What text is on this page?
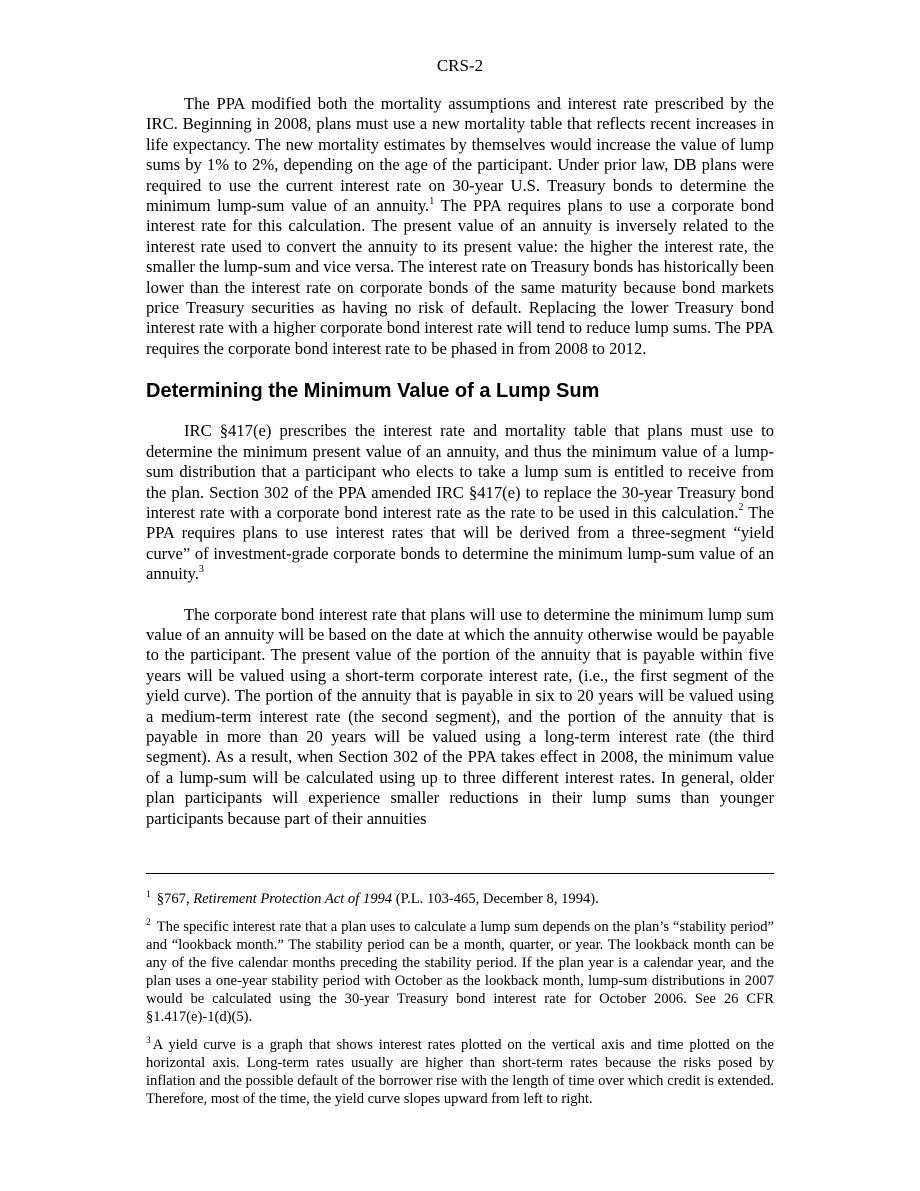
CRS-2

The PPA modified both the mortality assumptions and interest rate prescribed by the IRC. Beginning in 2008, plans must use a new mortality table that reflects recent increases in life expectancy. The new mortality estimates by themselves would increase the value of lump sums by 1% to 2%, depending on the age of the participant. Under prior law, DB plans were required to use the current interest rate on 30-year U.S. Treasury bonds to determine the minimum lump-sum value of an annuity.$^1$ The PPA requires plans to use a corporate bond interest rate for this calculation. The present value of an annuity is inversely related to the interest rate used to convert the annuity to its present value: the higher the interest rate, the smaller the lump-sum and vice versa. The interest rate on Treasury bonds has historically been lower than the interest rate on corporate bonds of the same maturity because bond markets price Treasury securities as having no risk of default. Replacing the lower Treasury bond interest rate with a higher corporate bond interest rate will tend to reduce lump sums. The PPA requires the corporate bond interest rate to be phased in from 2008 to 2012.

Determining the Minimum Value of a Lump Sum

IRC §417(e) prescribes the interest rate and mortality table that plans must use to determine the minimum present value of an annuity, and thus the minimum value of a lump-sum distribution that a participant who elects to take a lump sum is entitled to receive from the plan. Section 302 of the PPA amended IRC §417(e) to replace the 30-year Treasury bond interest rate with a corporate bond interest rate as the rate to be used in this calculation.$^2$ The PPA requires plans to use interest rates that will be derived from a three-segment “yield curve” of investment-grade corporate bonds to determine the minimum lump-sum value of an annuity.$^3$

The corporate bond interest rate that plans will use to determine the minimum lump sum value of an annuity will be based on the date at which the annuity otherwise would be payable to the participant. The present value of the portion of the annuity that is payable within five years will be valued using a short-term corporate interest rate, (i.e., the first segment of the yield curve). The portion of the annuity that is payable in six to 20 years will be valued using a medium-term interest rate (the second segment), and the portion of the annuity that is payable in more than 20 years will be valued using a long-term interest rate (the third segment). As a result, when Section 302 of the PPA takes effect in 2008, the minimum value of a lump-sum will be calculated using up to three different interest rates. In general, older plan participants will experience smaller reductions in their lump sums than younger participants because part of their annuities

$^1$ §767, Retirement Protection Act of 1994 (P.L. 103-465, December 8, 1994).

$^2$ The specific interest rate that a plan uses to calculate a lump sum depends on the plan’s “stability period” and “lookback month.” The stability period can be a month, quarter, or year. The lookback month can be any of the five calendar months preceding the stability period. If the plan year is a calendar year, and the plan uses a one-year stability period with October as the lookback month, lump-sum distributions in 2007 would be calculated using the 30-year Treasury bond interest rate for October 2006. See 26 CFR §1.417(e)-1(d)(5).

$^3$ A yield curve is a graph that shows interest rates plotted on the vertical axis and time plotted on the horizontal axis. Long-term rates usually are higher than short-term rates because the risks posed by inflation and the possible default of the borrower rise with the length of time over which credit is extended. Therefore, most of the time, the yield curve slopes upward from left to right.
